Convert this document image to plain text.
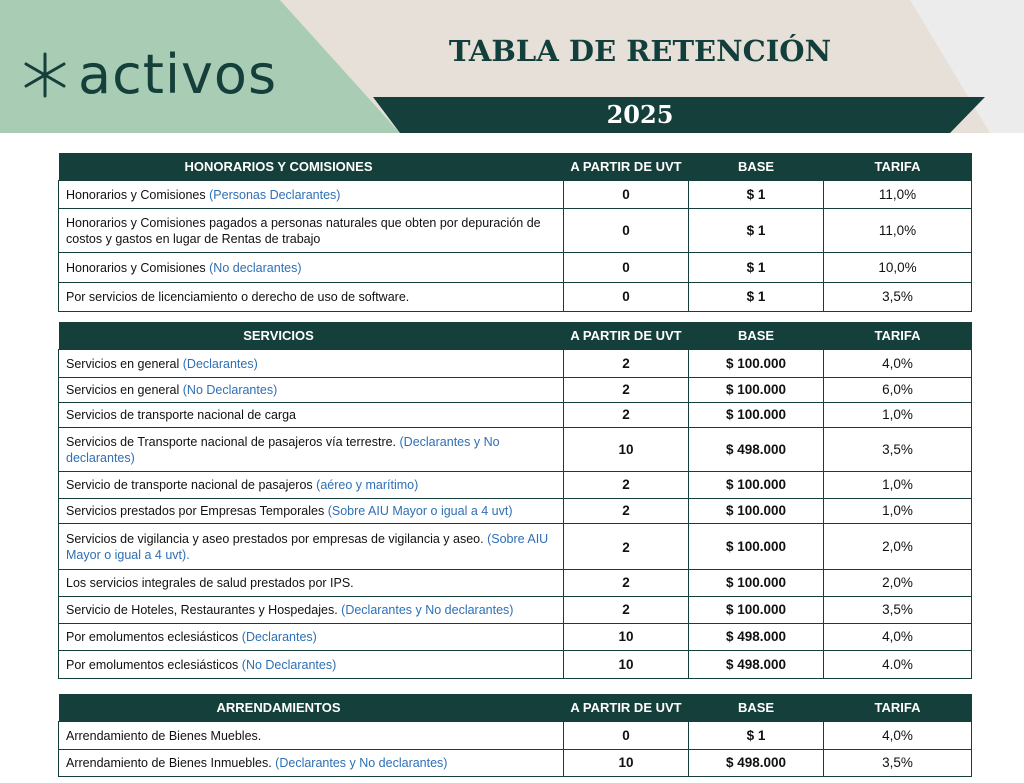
activos	TABLA DE RETENCIÓN
2025
HONORARIOS Y COMISIONES	A PARTIR DE UVT	BASE	TARIFA
Honorarios y Comisiones (Personas Declarantes)	0	$ 1	11,0%
Honorarios y Comisiones pagados a personas naturales que obten por depuración de costos y gastos en lugar de Rentas de trabajo	0	$ 1	11,0%
Honorarios y Comisiones (No declarantes)	0	$ 1	10,0%
Por servicios de licenciamiento o derecho de uso de software.	0	$ 1	3,5%
SERVICIOS	A PARTIR DE UVT	BASE	TARIFA
Servicios en general (Declarantes)	2	$ 100.000	4,0%
Servicios en general (No Declarantes)	2	$ 100.000	6,0%
Servicios de transporte nacional de carga	2	$ 100.000	1,0%
Servicios de Transporte nacional de pasajeros vía terrestre. (Declarantes y No declarantes)	10	$ 498.000	3,5%
Servicio de transporte nacional de pasajeros (aéreo y marítimo)	2	$ 100.000	1,0%
Servicios prestados por Empresas Temporales (Sobre AIU Mayor o igual a 4 uvt)	2	$ 100.000	1,0%
Servicios de vigilancia y aseo prestados por empresas de vigilancia y aseo. (Sobre AIU Mayor o igual a 4 uvt).	2	$ 100.000	2,0%
Los servicios integrales de salud prestados por IPS.	2	$ 100.000	2,0%
Servicio de Hoteles, Restaurantes y Hospedajes. (Declarantes y No declarantes)	2	$ 100.000	3,5%
Por emolumentos eclesiásticos (Declarantes)	10	$ 498.000	4,0%
Por emolumentos eclesiásticos (No Declarantes)	10	$ 498.000	4.0%
ARRENDAMIENTOS	A PARTIR DE UVT	BASE	TARIFA
Arrendamiento de Bienes Muebles.	0	$ 1	4,0%
Arrendamiento de Bienes Inmuebles. (Declarantes y No declarantes)	10	$ 498.000	3,5%
